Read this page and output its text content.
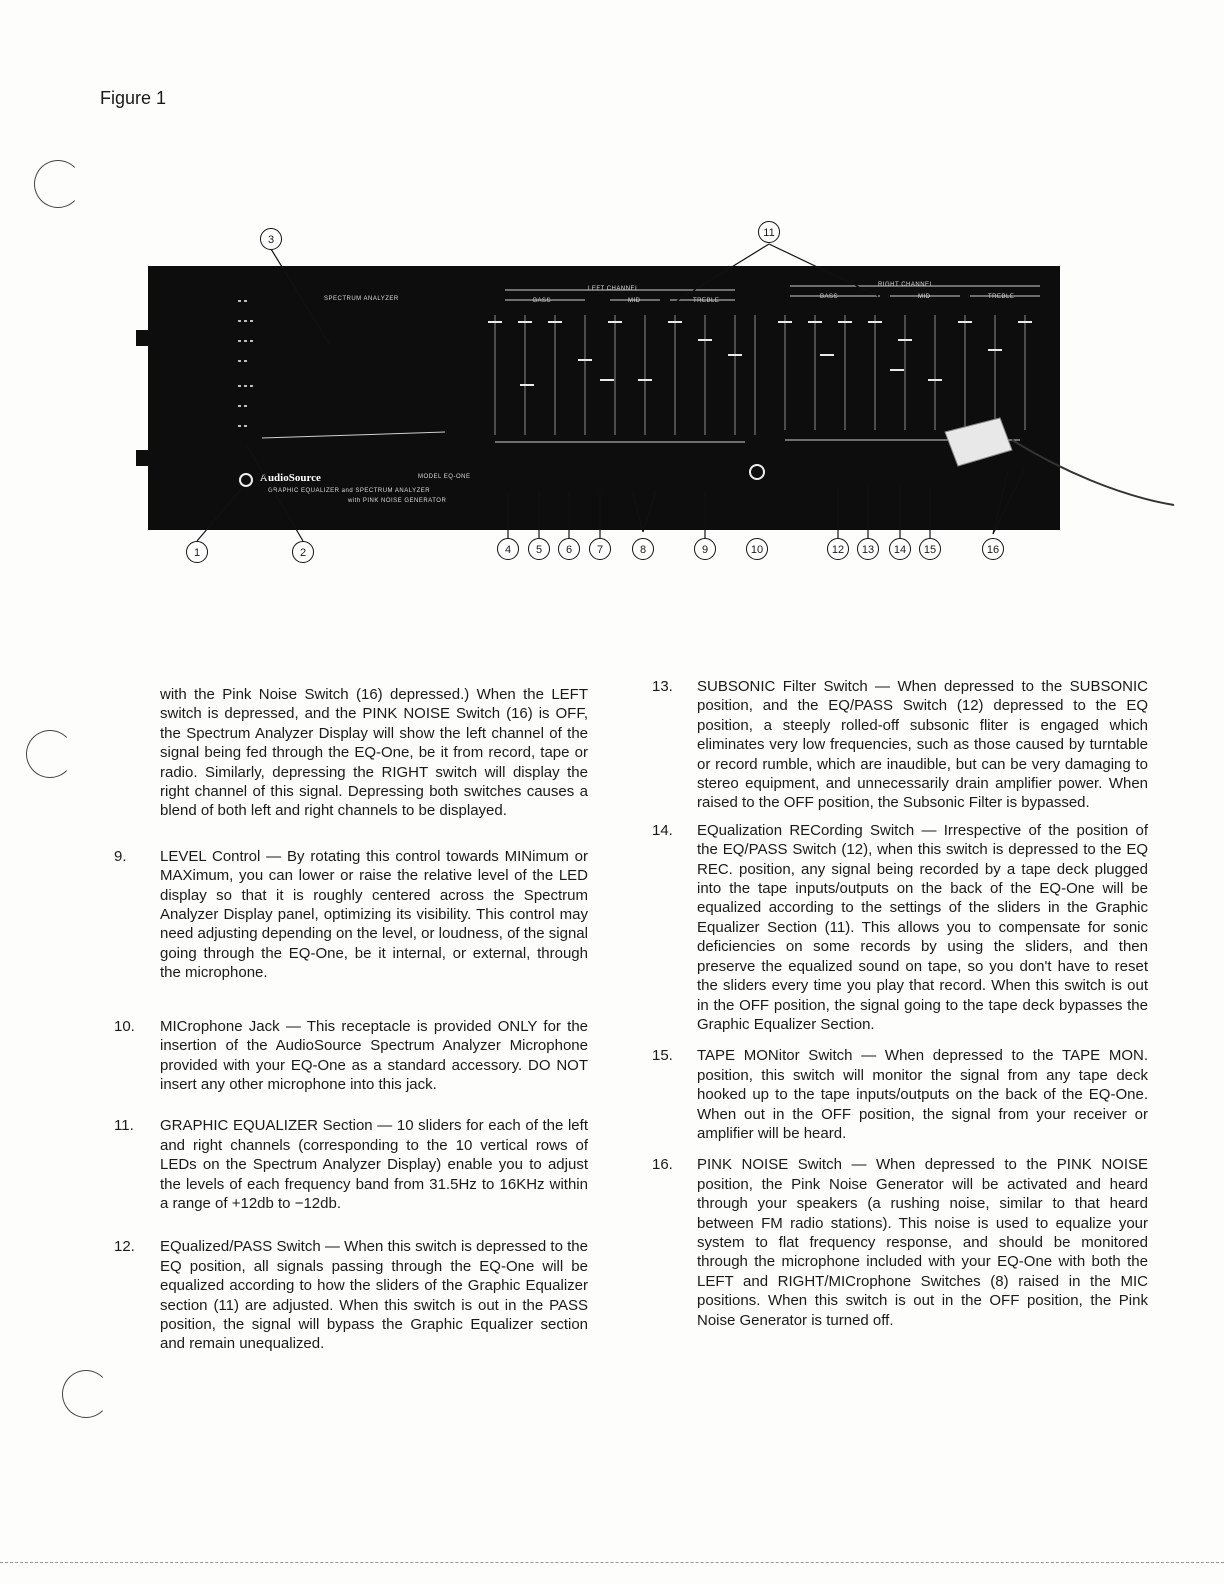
Figure 1
SPECTRUM ANALYZER
LEFT CHANNEL
RIGHT CHANNEL
BASS	MID	TREBLE
BASS	MID	TREBLE
AudioSource	MODEL EQ-ONE
GRAPHIC EQUALIZER and SPECTRUM ANALYZER
with PINK NOISE GENERATOR
1	2
3
4	5	6	7	8	9	10
11
12	13	14	15	16

with the Pink Noise Switch (16) depressed.) When the LEFT switch is depressed, and the PINK NOISE Switch (16) is OFF, the Spectrum Analyzer Display will show the left channel of the signal being fed through the EQ-One, be it from record, tape or radio. Similarly, depressing the RIGHT switch will display the right channel of this signal. Depressing both switches causes a blend of both left and right channels to be displayed.

9. LEVEL Control — By rotating this control towards MINimum or MAXimum, you can lower or raise the relative level of the LED display so that it is roughly centered across the Spectrum Analyzer Display panel, optimizing its visibility. This control may need adjusting depending on the level, or loudness, of the signal going through the EQ-One, be it internal, or external, through the microphone.

10. MICrophone Jack — This receptacle is provided ONLY for the insertion of the AudioSource Spectrum Analyzer Microphone provided with your EQ-One as a standard accessory. DO NOT insert any other microphone into this jack.

11. GRAPHIC EQUALIZER Section — 10 sliders for each of the left and right channels (corresponding to the 10 vertical rows of LEDs on the Spectrum Analyzer Display) enable you to adjust the levels of each frequency band from 31.5Hz to 16KHz within a range of +12db to −12db.

12. EQualized/PASS Switch — When this switch is depressed to the EQ position, all signals passing through the EQ-One will be equalized according to how the sliders of the Graphic Equalizer section (11) are adjusted. When this switch is out in the PASS position, the signal will bypass the Graphic Equalizer section and remain unequalized.

13. SUBSONIC Filter Switch — When depressed to the SUBSONIC position, and the EQ/PASS Switch (12) depressed to the EQ position, a steeply rolled-off subsonic fliter is engaged which eliminates very low frequencies, such as those caused by turntable or record rumble, which are inaudible, but can be very damaging to stereo equipment, and unnecessarily drain amplifier power. When raised to the OFF position, the Subsonic Filter is bypassed.

14. EQualization RECording Switch — Irrespective of the position of the EQ/PASS Switch (12), when this switch is depressed to the EQ REC. position, any signal being recorded by a tape deck plugged into the tape inputs/outputs on the back of the EQ-One will be equalized according to the settings of the sliders in the Graphic Equalizer Section (11). This allows you to compensate for sonic deficiencies on some records by using the sliders, and then preserve the equalized sound on tape, so you don't have to reset the sliders every time you play that record. When this switch is out in the OFF position, the signal going to the tape deck bypasses the Graphic Equalizer Section.

15. TAPE MONitor Switch — When depressed to the TAPE MON. position, this switch will monitor the signal from any tape deck hooked up to the tape inputs/outputs on the back of the EQ-One. When out in the OFF position, the signal from your receiver or amplifier will be heard.

16. PINK NOISE Switch — When depressed to the PINK NOISE position, the Pink Noise Generator will be activated and heard through your speakers (a rushing noise, similar to that heard between FM radio stations). This noise is used to equalize your system to flat frequency response, and should be monitored through the microphone included with your EQ-One with both the LEFT and RIGHT/MICrophone Switches (8) raised in the MIC positions. When this switch is out in the OFF position, the Pink Noise Generator is turned off.
